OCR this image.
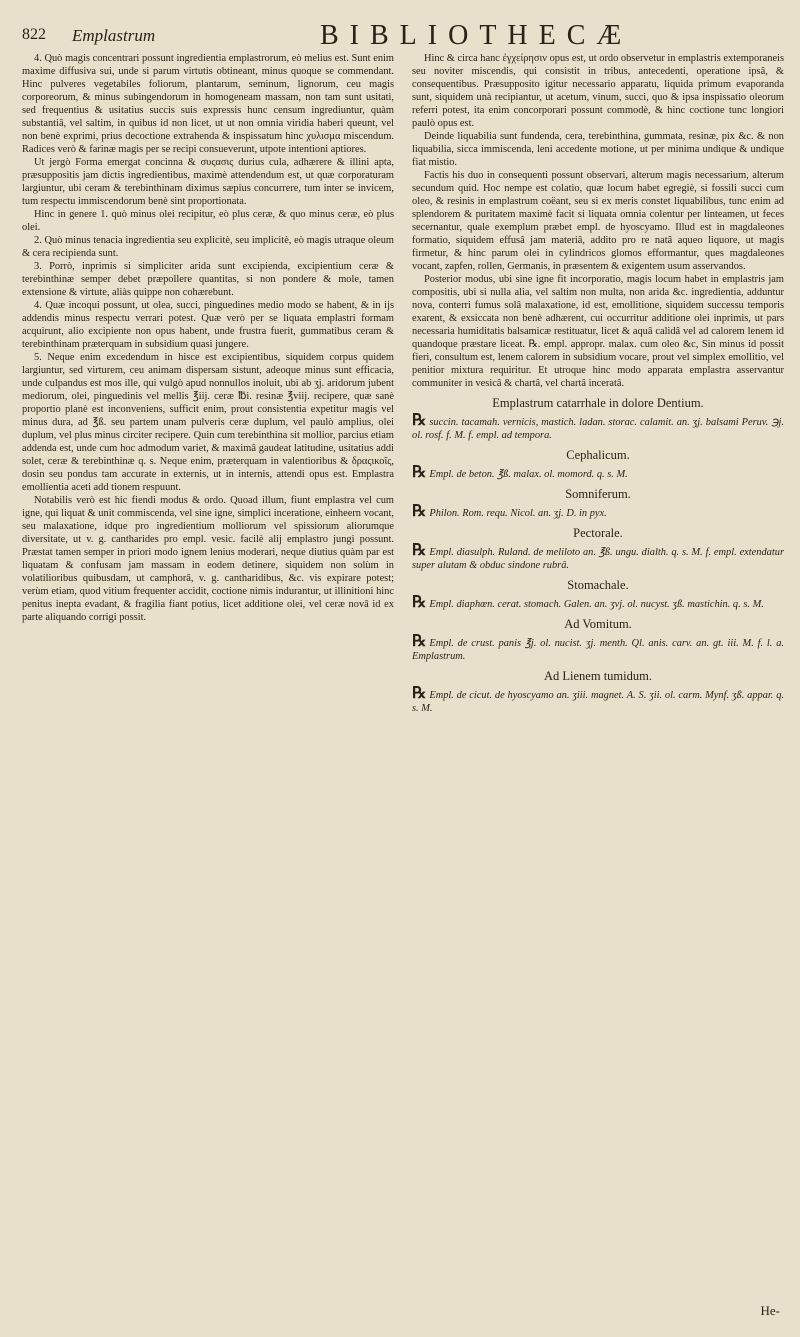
822 Emplastrum	BIBLIOTHECÆ

4. Quò magis concentrari possunt ingredientia emplastrorum, eò melius est. Sunt enim maxime diffusiva sui, unde si parum virtutis obtineant, minus quoque se commendant. Hinc pulveres vegetabiles foliorum, plantarum, seminum, lignorum, ceu magis corporeorum, & minus subingendorum in homogeneam massam, non tam sunt usitati, sed frequentius & usitatius succis suis expressis hunc censum ingrediuntur, quàm substantiâ, vel saltim, in quibus id non licet, ut ut non omnia viridia haberi queunt, vel non benè exprimi, prius decoctione extrahenda & inspissatum hinc χυλισμα miscendum. Radices verò & farinæ magis per se recipi consueverunt, utpote intentioni aptiores.

Ut jergò Forma emergat concinna & συςασις durius cula, adhærere & illini apta, præsuppositis jam dictis ingredientibus, maximè attendendum est, ut quæ corporaturam largiuntur, ubi ceram & terebinthinam diximus sæpius concurrere, tum inter se invicem, tum respectu immiscendorum benè sint proportionata.

Hinc in genere 1. quò minus olei recipitur, eò plus ceræ, & quo minus ceræ, eò plus olei.

2. Quò minus tenacia ingredientia seu explicitè, seu implicitè, eò magis utraque oleum & cera recipienda sunt.

3. Porrò, inprimis si simpliciter arida sunt excipienda, excipientium ceræ & terebinthinæ semper debet præpollere quantitas, si non pondere & mole, tamen extensione & virtute, aliàs quippe non cohærebunt.

4. Quæ incoqui possunt, ut olea, succi, pinguedines medio modo se habent, & in ijs addendis minus respectu verrari potest. Quæ verò per se liquata emplastri formam acquirunt, alio excipiente non opus habent, unde frustra fuerit, gummatibus ceram & terebinthinam præterquam in subsidium quasi jungere.

5. Neque enim excedendum in hisce est excipientibus, siquidem corpus quidem largiuntur, sed virturem, ceu animam dispersam sistunt, adeoque minus sunt efficacia, unde culpandus est mos ille, qui vulgò apud nonnullos inoluit, ubi ab ʒj. aridorum jubent mediorum, olei, pinguedinis vel mellis ℥iij. ceræ ℔i. resinæ ℥viij. recipere, quæ sanè proportio planè est inconveniens, sufficit enim, prout consistentia expetitur magis vel minus dura, ad ℥ß. seu partem unam pulveris ceræ duplum, vel paulò amplius, olei duplum, vel plus minus circiter recipere. Quin cum terebinthina sit mollior, parcius etiam addenda est, unde cum hoc admodum variet, & maximâ gaudeat latitudine, usitatius addi solet, ceræ & terebinthinæ q. s. Neque enim, præterquam in valentioribus & δραςικοῖς, dosin seu pondus tam accurate in externis, ut in internis, attendi opus est. Emplastra emollientia aceti add tionem respuunt.

Notabilis verò est hic fiendi modus & ordo. Quoad illum, fiunt emplastra vel cum igne, qui liquat & unit commiscenda, vel sine igne, simplici inceratione, einheern vocant, seu malaxatione, idque pro ingredientium molliorum vel spissiorum aliorumque diversitate, ut v. g. cantharides pro empl. vesic. facilè alij emplastro jungi possunt. Præstat tamen semper in priori modo ignem lenius moderari, neque diutius quàm par est liquatam & confusam jam massam in eodem detinere, siquidem non solùm in volatilioribus quibusdam, ut camphorâ, v. g. cantharidibus, &c. vis expirare potest; verùm etiam, quod vitium frequenter accidit, coctione nimis indurantur, ut illinitioni hinc penitus inepta evadant, & fragilia fiant potius, licet additione olei, vel ceræ novâ id ex parte aliquando corrigi possit.

Hinc & circa hanc ἐγχείρησιν opus est, ut ordo observetur in emplastris extemporaneis seu noviter miscendis, qui consistit in tribus, antecedenti, operatione ipsâ, & consequentibus. Præsupposito igitur necessario apparatu, liquida primum evaporanda sunt, siquidem unà recipiantur, ut acetum, vinum, succi, quo & ipsa inspissatio oleorum referri potest, ita enim concorporari possunt commodè, & hinc coctione tunc longiori paulò opus est.

Deinde liquabilia sunt fundenda, cera, terebinthina, gummata, resinæ, pix &c. & non liquabilia, sicca immiscenda, leni accedente motione, ut per minima undique & undique fiat mistio.

Factis his duo in consequenti possunt observari, alterum magis necessarium, alterum secundum quid. Hoc nempe est colatio, quæ locum habet egregiè, si fossili succi cum oleo, & resinis in emplastrum coëant, seu si ex meris constet liquabilibus, tunc enim ad splendorem & puritatem maximè facit si liquata omnia colentur per linteamen, ut feces secernantur, quale exemplum præbet empl. de hyoscyamo. Illud est in magdaleones formatio, siquidem effusâ jam materiâ, addito pro re natâ aqueo liquore, ut magis firmetur, & hinc parum olei in cylindricos glomos efformantur, ques magdaleones vocant, zapfen, rollen, Germanis, in præsentem & exigentem usum asservandos.

Posterior modus, ubi sine igne fit incorporatio, magis locum habet in emplastris jam compositis, ubi si nulla alia, vel saltim non multa, non arida &c. ingredientia, adduntur nova, conterri fumus solâ malaxatione, id est, emollitione, siquidem successu temporis exarent, & exsiccata non benè adhærent, cui occurritur additione olei inprimis, ut pars necessaria humiditatis balsamicæ restituatur, licet & aquâ calidâ vel ad calorem lenem id quandoque præstare liceat. ℞. empl. appropr. malax. cum oleo &c, Sin minus id possit fieri, consultum est, lenem calorem in subsidium vocare, prout vel simplex emollitio, vel penitior mixtura requiritur. Et utroque hinc modo apparata emplastra asservantur communiter in vesicâ & chartâ, vel chartâ inceratâ.

Emplastrum catarrhale in dolore Dentium.

℞ succin. tacamah. vernicis, mastich. ladan. storac. calamit. an. ʒj. balsami Peruv. ℈j. ol. rosf. f. M. f. empl. ad tempora.

Cephalicum.

℞ Empl. de beton. ℥ß. malax. ol. momord. q. s. M.

Somniferum.

℞ Philon. Rom. requ. Nicol. an. ʒj. D. in pyx.

Pectorale.

℞ Empl. diasulph. Ruland. de meliloto an. ℥ß. ungu. dialth. q. s. M. f. empl. extendatur super alutam & obduc sindone rubrâ.

Stomachale.

℞ Empl. diaphœn. cerat. stomach. Galen. an. ʒvj. ol. nucyst. ʒß. mastichin. q. s. M.

Ad Vomitum.

℞ Empl. de crust. panis ℥j. ol. nucist. ʒj. menth. Ql. anis. carv. an. gt. iii. M. f. l. a. Emplastrum.

Ad Lienem tumidum.

℞ Empl. de cicut. de hyoscyamo an. ʒiii. magnet. A. S. ʒii. ol. carm. Mynf. ʒß. appar. q. s. M.

He-
